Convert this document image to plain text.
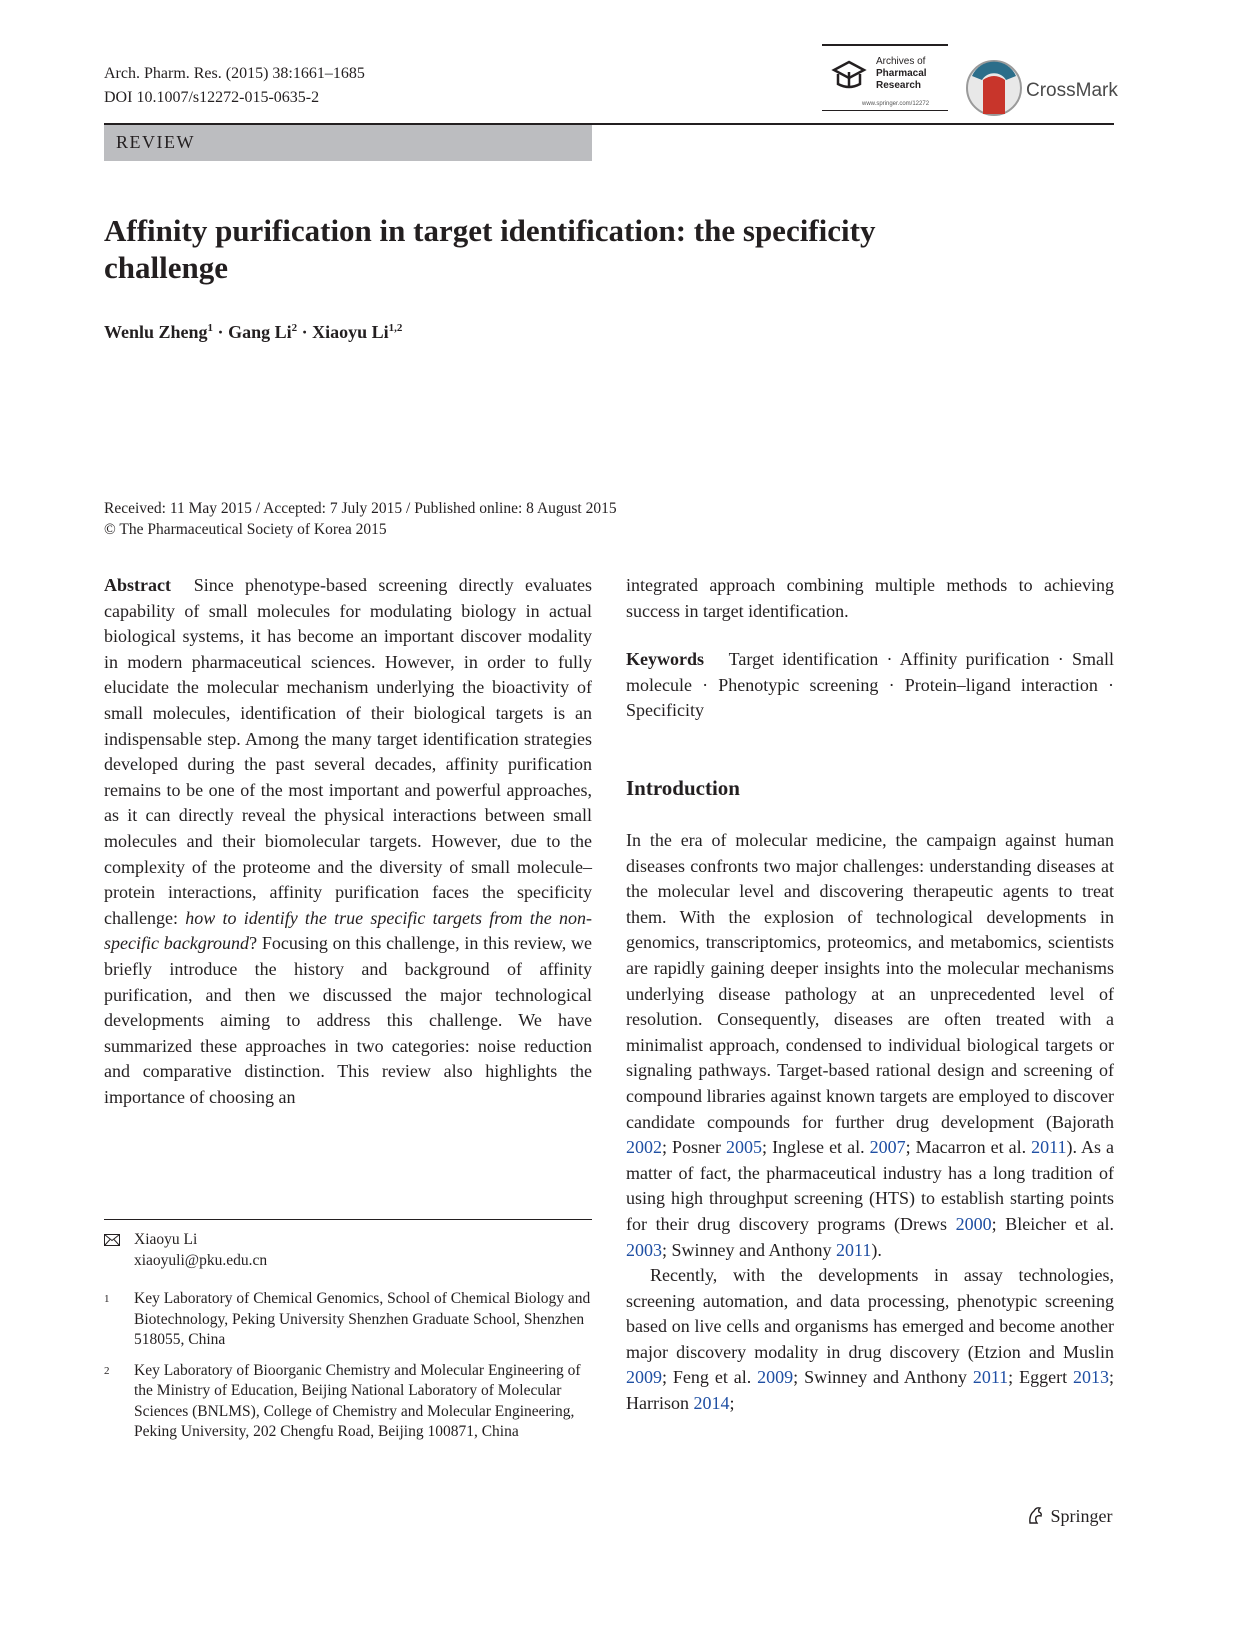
Arch. Pharm. Res. (2015) 38:1661–1685
DOI 10.1007/s12272-015-0635-2
Archives of
Pharmacal
Research
www.springer.com/12272
CrossMark
REVIEW
Affinity purification in target identification: the specificity
challenge
Wenlu Zheng$^1$ · Gang $Li^2$ · Xiaoyu Li$^{1,2}$
Received: 11 May 2015 / Accepted: 7 July 2015 / Published online: 8 August 2015
© The Pharmaceutical Society of Korea 2015

Abstract Since phenotype-based screening directly evaluates capability of small molecules for modulating biology in actual biological systems, it has become an important discover modality in modern pharmaceutical sciences. However, in order to fully elucidate the molecular mechanism underlying the bioactivity of small molecules, identification of their biological targets is an indispensable step. Among the many target identification strategies developed during the past several decades, affinity purification remains to be one of the most important and powerful approaches, as it can directly reveal the physical interactions between small molecules and their biomolecular targets. However, due to the complexity of the proteome and the diversity of small molecule–protein interactions, affinity purification faces the specificity challenge: how to identify the true specific targets from the non-specific background? Focusing on this challenge, in this review, we briefly introduce the history and background of affinity purification, and then we discussed the major technological developments aiming to address this challenge. We have summarized these approaches in two categories: noise reduction and comparative distinction. This review also highlights the importance of choosing an

Xiaoyu Li
xiaoyuli@pku.edu.cn
1 Key Laboratory of Chemical Genomics, School of Chemical Biology and Biotechnology, Peking University Shenzhen Graduate School, Shenzhen 518055, China
2 Key Laboratory of Bioorganic Chemistry and Molecular Engineering of the Ministry of Education, Beijing National Laboratory of Molecular Sciences (BNLMS), College of Chemistry and Molecular Engineering, Peking University, 202 Chengfu Road, Beijing 100871, China

integrated approach combining multiple methods to achieving success in target identification.

Keywords Target identification · Affinity purification · Small molecule · Phenotypic screening · Protein–ligand interaction · Specificity

Introduction

In the era of molecular medicine, the campaign against human diseases confronts two major challenges: understanding diseases at the molecular level and discovering therapeutic agents to treat them. With the explosion of technological developments in genomics, transcriptomics, proteomics, and metabomics, scientists are rapidly gaining deeper insights into the molecular mechanisms underlying disease pathology at an unprecedented level of resolution. Consequently, diseases are often treated with a minimalist approach, condensed to individual biological targets or signaling pathways. Target-based rational design and screening of compound libraries against known targets are employed to discover candidate compounds for further drug development (Bajorath 2002; Posner 2005; Inglese et al. 2007; Macarron et al. 2011). As a matter of fact, the pharmaceutical industry has a long tradition of using high throughput screening (HTS) to establish starting points for their drug discovery programs (Drews 2000; Bleicher et al. 2003; Swinney and Anthony 2011).

Recently, with the developments in assay technologies, screening automation, and data processing, phenotypic screening based on live cells and organisms has emerged and become another major discovery modality in drug discovery (Etzion and Muslin 2009; Feng et al. 2009; Swinney and Anthony 2011; Eggert 2013; Harrison 2014;

Springer
